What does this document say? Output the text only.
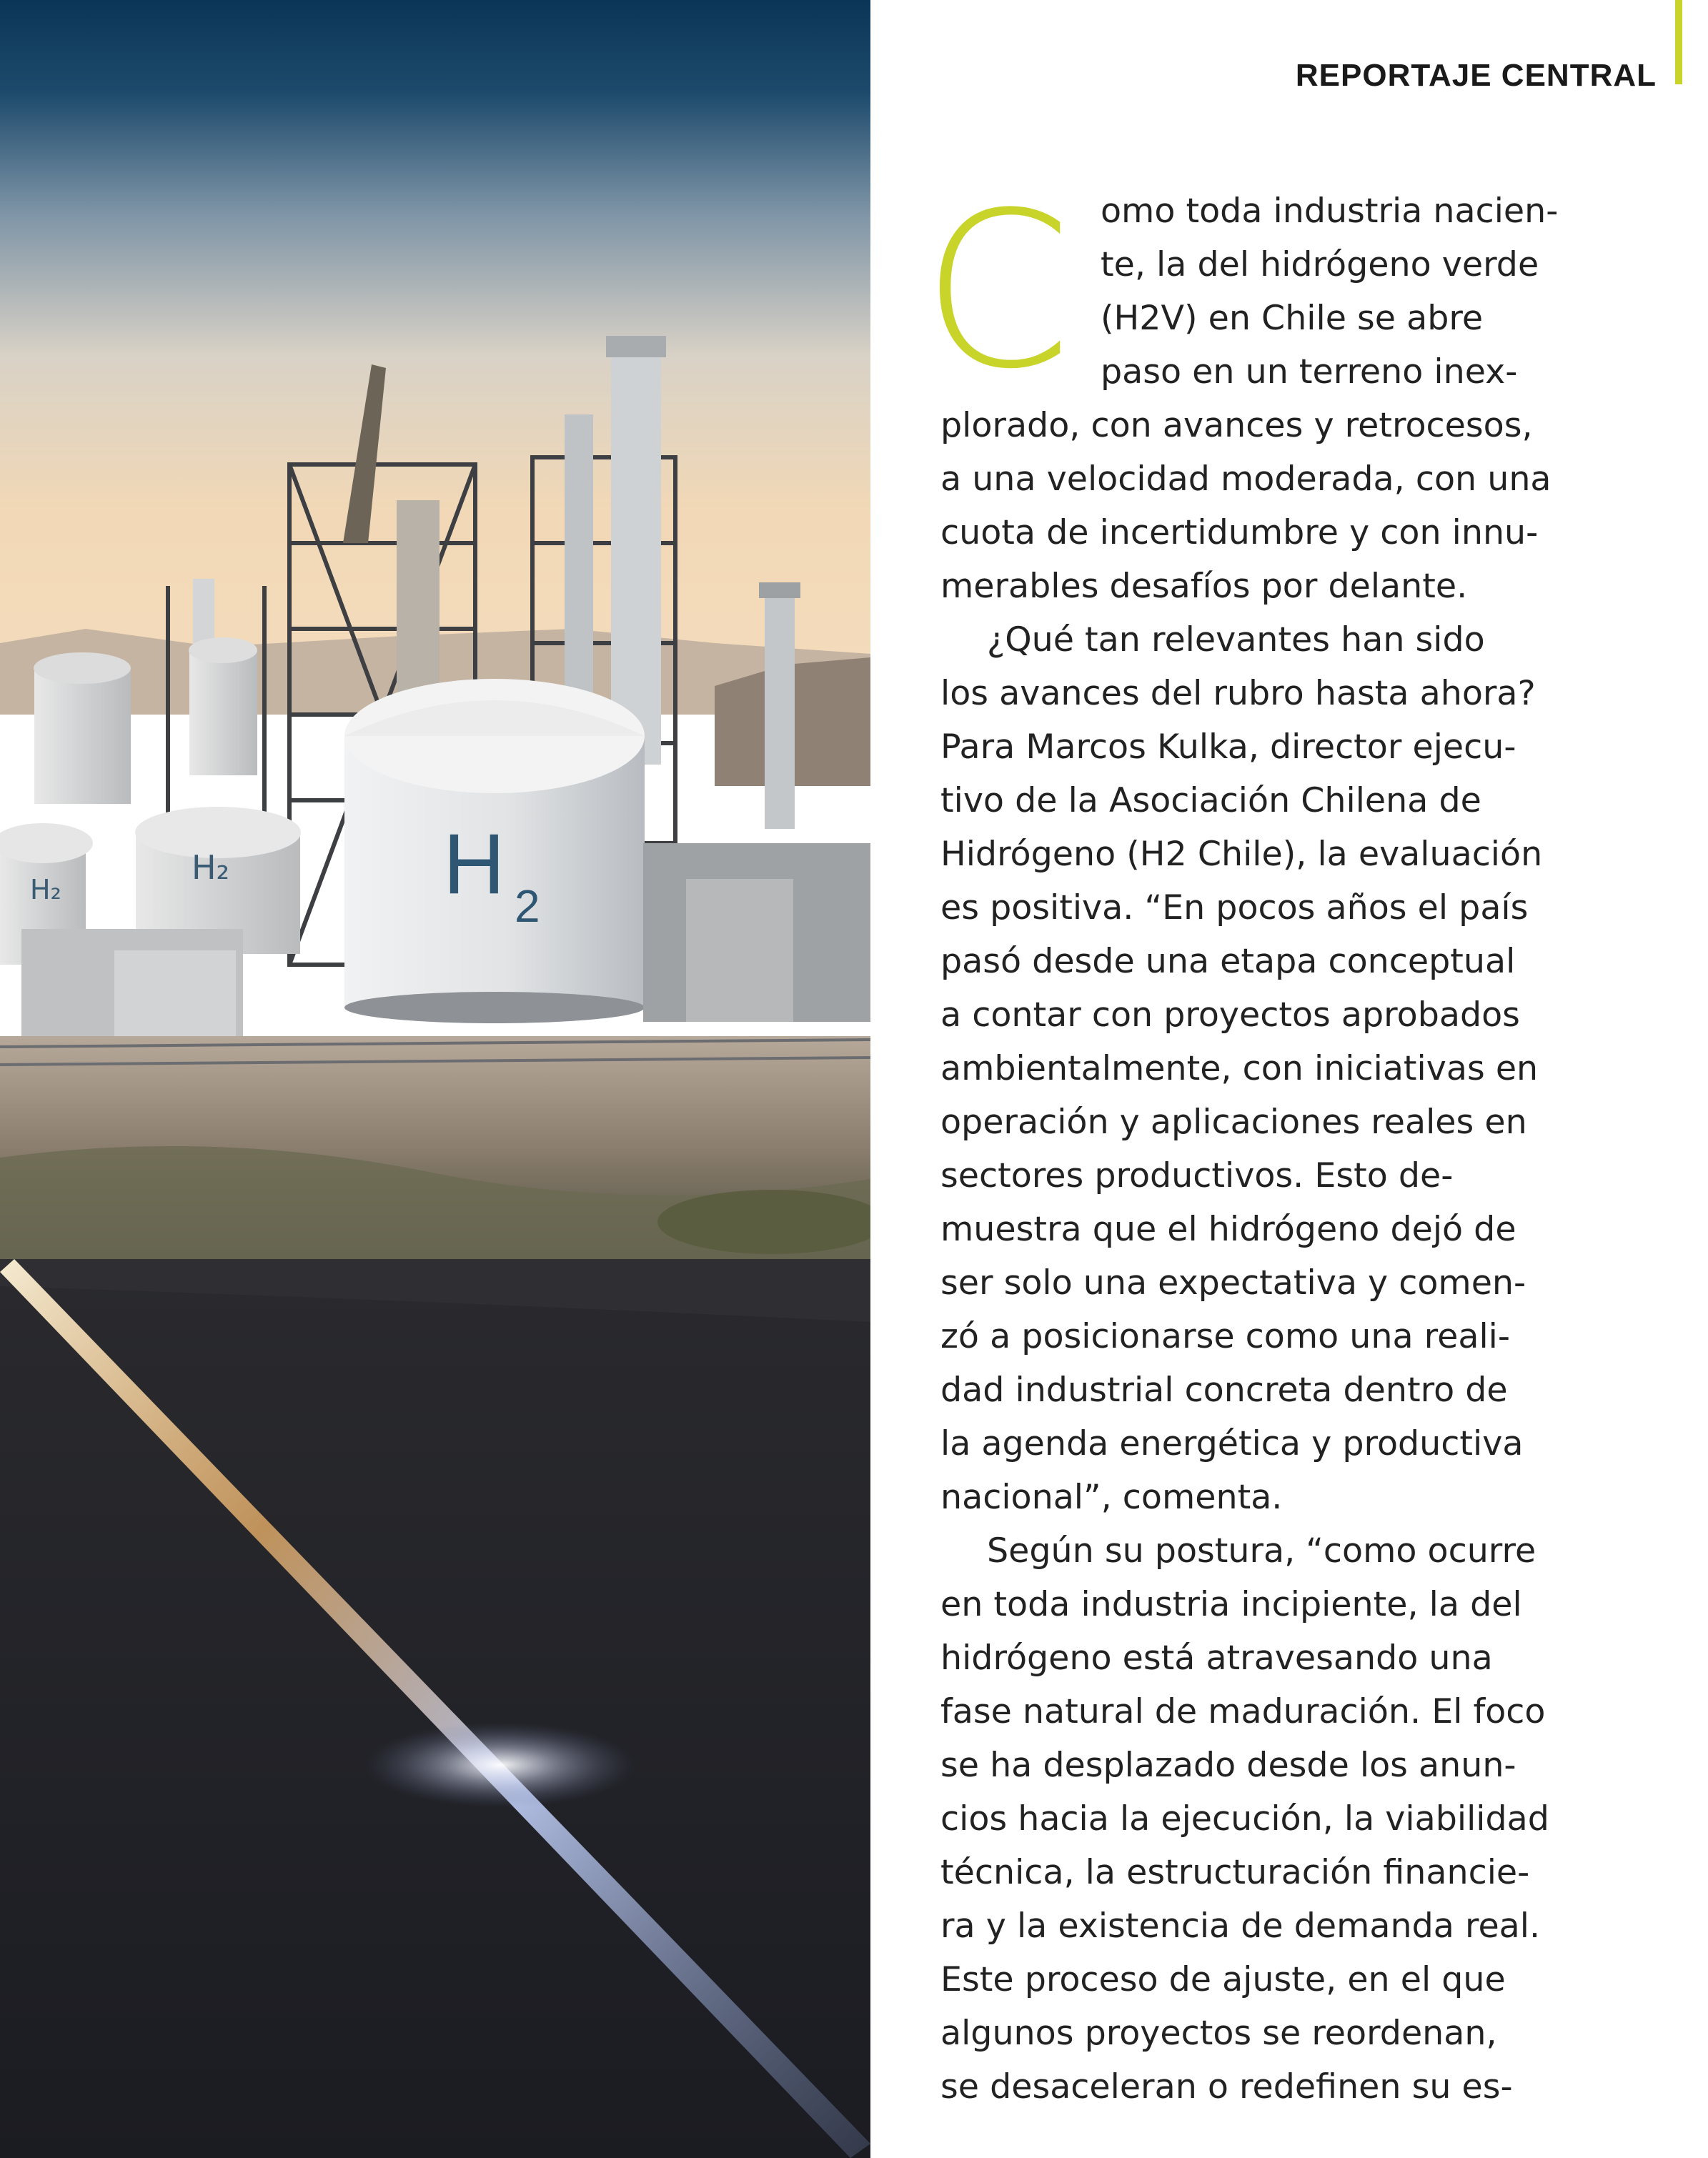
H₂
H₂ H 2
REPORTAJE CENTRAL
C omo toda industria nacien-
te, la del hidrógeno verde
(H2V) en Chile se abre
paso en un terreno inex-
plorado, con avances y retrocesos,
a una velocidad moderada, con una
cuota de incertidumbre y con innu-
merables desafíos por delante.

¿Qué tan relevantes han sido
los avances del rubro hasta ahora?
Para Marcos Kulka, director ejecu-
tivo de la Asociación Chilena de
Hidrógeno (H2 Chile), la evaluación
es positiva. “En pocos años el país
pasó desde una etapa conceptual
a contar con proyectos aprobados
ambientalmente, con iniciativas en
operación y aplicaciones reales en
sectores productivos. Esto de-
muestra que el hidrógeno dejó de
ser solo una expectativa y comen-
zó a posicionarse como una reali-
dad industrial concreta dentro de
la agenda energética y productiva
nacional”, comenta.

Según su postura, “como ocurre
en toda industria incipiente, la del
hidrógeno está atravesando una
fase natural de maduración. El foco
se ha desplazado desde los anun-
cios hacia la ejecución, la viabilidad
técnica, la estructuración financie-
ra y la existencia de demanda real.
Este proceso de ajuste, en el que
algunos proyectos se reordenan,
se desaceleran o redefinen su es-
